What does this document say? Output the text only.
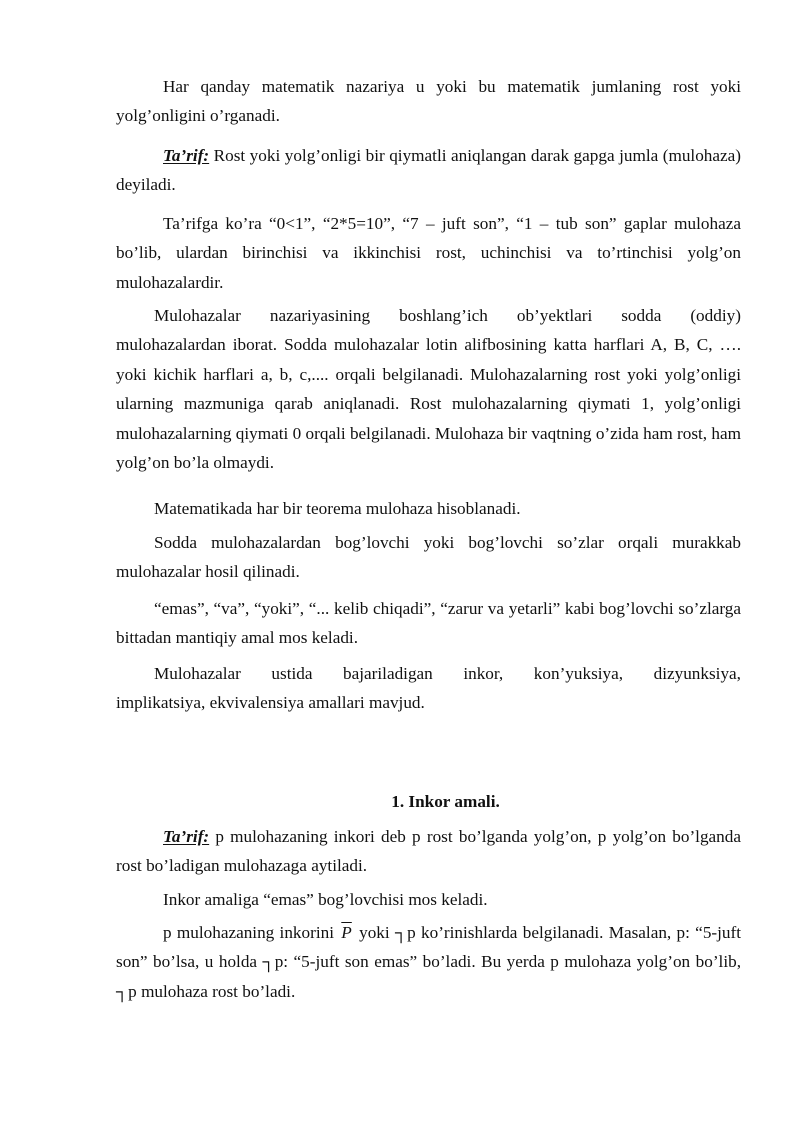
Har qanday matematik nazariya u yoki bu matematik jumlaning rost yoki yolg’onligini o’rganadi.

Ta’rif: Rost yoki yolg’onligi bir qiymatli aniqlangan darak gapga jumla (mulohaza) deyiladi.

Ta’rifga ko’ra “0<1”, “2*5=10”, “7 – juft son”, “1 – tub son” gaplar mulohaza bo’lib, ulardan birinchisi va ikkinchisi rost, uchinchisi va to’rtinchisi yolg’on mulohazalardir.

Mulohazalar nazariyasining boshlang’ich ob’yektlari sodda (oddiy)

mulohazalardan iborat. Sodda mulohazalar lotin alifbosining katta harflari A, B, C, …. yoki kichik harflari a, b, c,.... orqali belgilanadi. Mulohazalarning rost yoki yolg’onligi ularning mazmuniga qarab aniqlanadi. Rost mulohazalarning qiymati 1, yolg’onligi mulohazalarning qiymati 0 orqali belgilanadi. Mulohaza bir vaqtning o’zida ham rost, ham yolg’on bo’la olmaydi.

Matematikada har bir teorema mulohaza hisoblanadi.

Sodda mulohazalardan bog’lovchi yoki bog’lovchi so’zlar orqali murakkab mulohazalar hosil qilinadi.

“emas”, “va”, “yoki”, “... kelib chiqadi”, “zarur va yetarli” kabi bog’lovchi so’zlarga bittadan mantiqiy amal mos keladi.

Mulohazalar ustida bajariladigan inkor, kon’yuksiya, dizyunksiya,

implikatsiya, ekvivalensiya amallari mavjud.

1. Inkor amali.

Ta’rif: p mulohazaning inkori deb p rost bo’lganda yolg’on, p yolg’on bo’lganda rost bo’ladigan mulohazaga aytiladi.

Inkor amaliga “emas” bog’lovchisi mos keladi.

p mulohazaning inkorini $\overline{P}$ yoki ┐p ko’rinishlarda belgilanadi. Masalan, p: “5-juft son” bo’lsa, u holda ┐p: “5-juft son emas” bo’ladi. Bu yerda p mulohaza yolg’on bo’lib, ┐p mulohaza rost bo’ladi.
